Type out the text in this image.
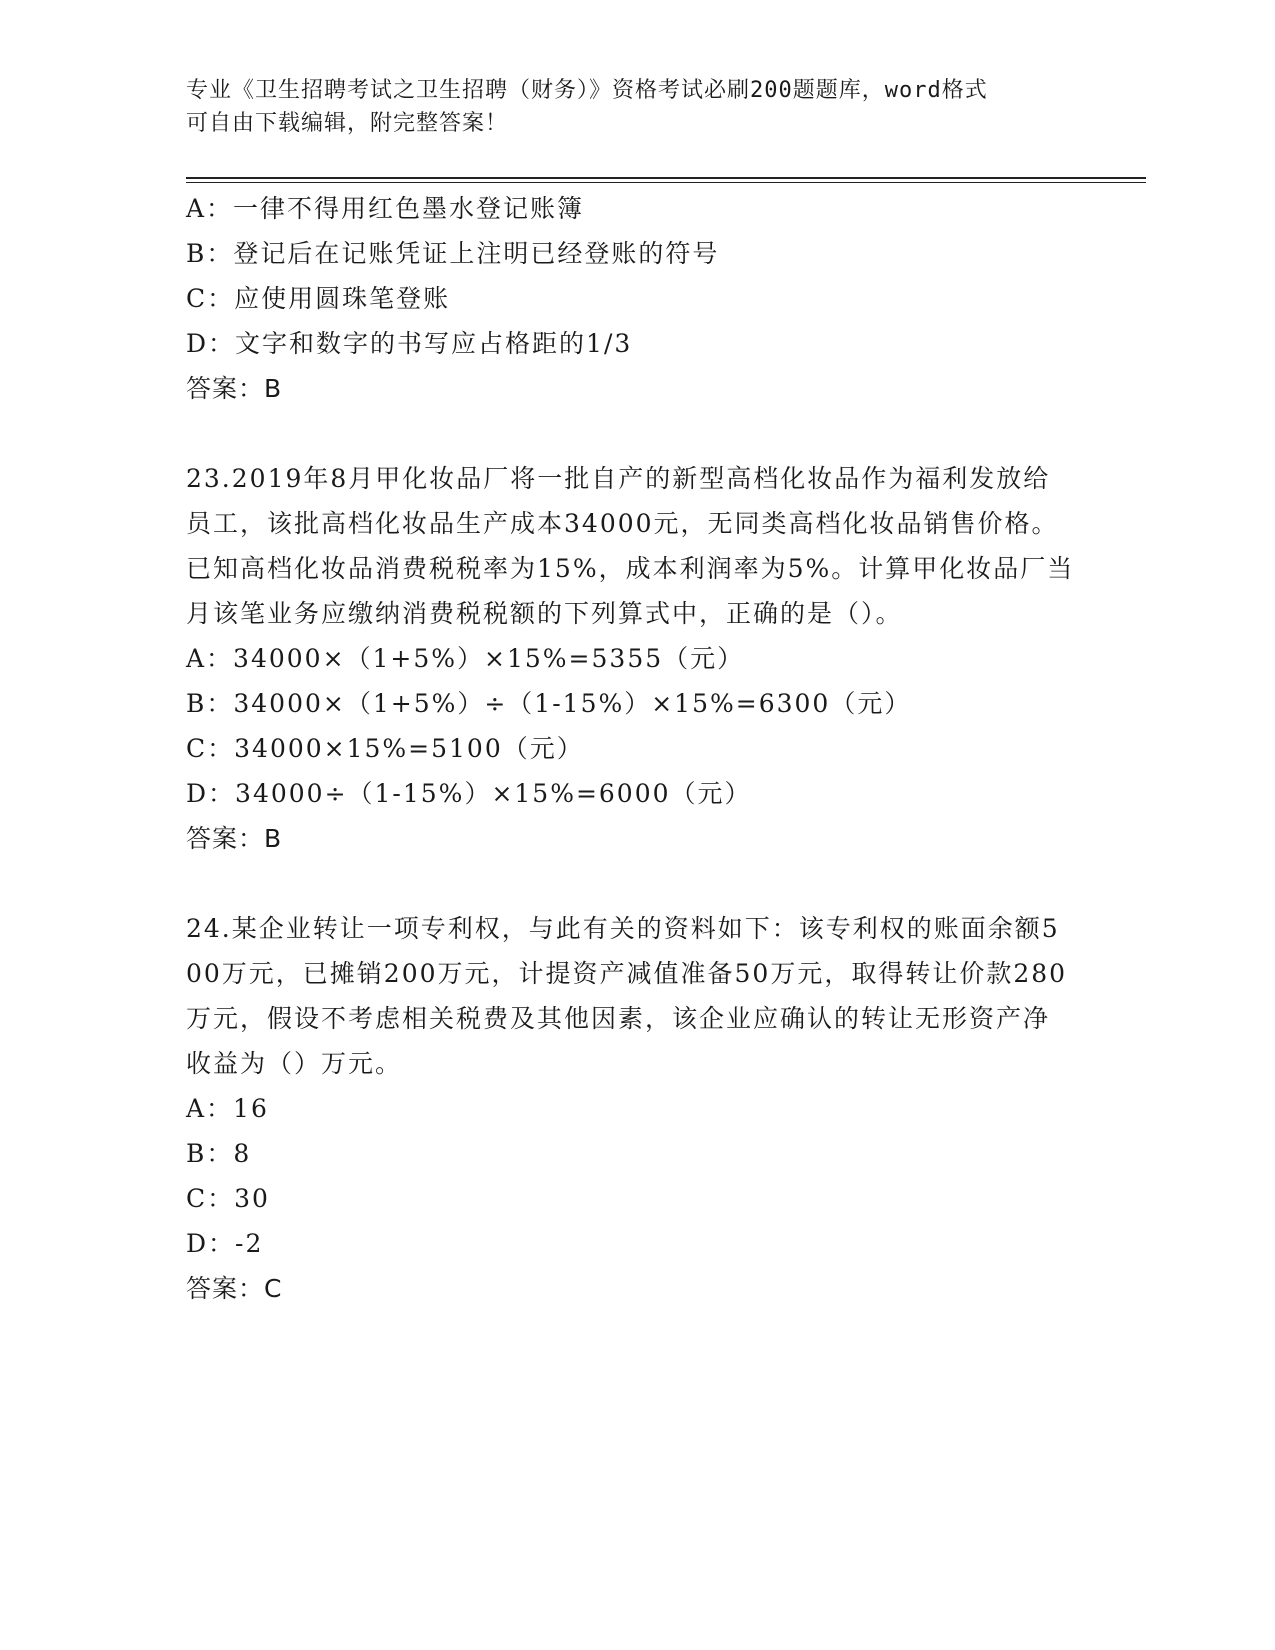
专业《卫生招聘考试之卫生招聘（财务）》资格考试必刷200题题库，word格式
可自由下载编辑，附完整答案！
A：一律不得用红色墨水登记账簿
B：登记后在记账凭证上注明已经登账的符号
C：应使用圆珠笔登账
D：文字和数字的书写应占格距的1/3
答案：B
23.2019年8月甲化妆品厂将一批自产的新型高档化妆品作为福利发放给员工，该批高档化妆品生产成本34000元，无同类高档化妆品销售价格。已知高档化妆品消费税税率为15%，成本利润率为5%。计算甲化妆品厂当月该笔业务应缴纳消费税税额的下列算式中，正确的是（）。
A：34000×（1+5%）×15%=5355（元）
B：34000×（1+5%）÷（1-15%）×15%=6300（元）
C：34000×15%=5100（元）
D：34000÷（1-15%）×15%=6000（元）
答案：B
24.某企业转让一项专利权，与此有关的资料如下：该专利权的账面余额500万元，已摊销200万元，计提资产减值准备50万元，取得转让价款280万元，假设不考虑相关税费及其他因素，该企业应确认的转让无形资产净收益为（）万元。
A：16
B：8
C：30
D：-2
答案：C
